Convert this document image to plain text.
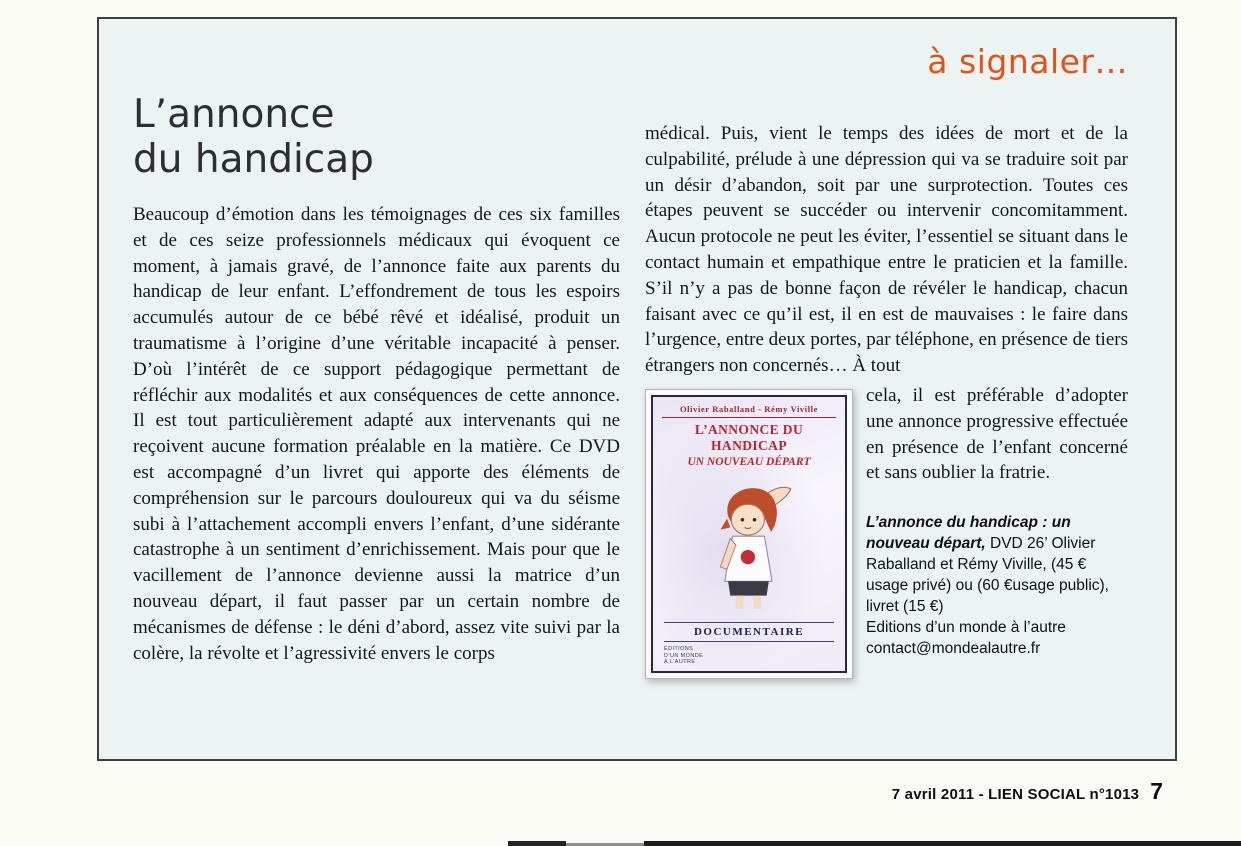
à signaler…
L’annonce
du handicap

Beaucoup d’émotion dans les témoignages de ces six familles et de ces seize professionnels médicaux qui évoquent ce moment, à jamais gravé, de l’annonce faite aux parents du handicap de leur enfant. L’effondrement de tous les espoirs accumulés autour de ce bébé rêvé et idéalisé, produit un traumatisme à l’origine d’une véritable incapacité à penser. D’où l’intérêt de ce support pédagogique permettant de réfléchir aux modalités et aux conséquences de cette annonce. Il est tout particulièrement adapté aux intervenants qui ne reçoivent aucune formation préalable en la matière. Ce DVD est accompagné d’un livret qui apporte des éléments de compréhension sur le parcours douloureux qui va du séisme subi à l’attachement accompli envers l’enfant, d’une sidérante catastrophe à un sentiment d’enrichissement. Mais pour que le vacillement de l’annonce devienne aussi la matrice d’un nouveau départ, il faut passer par un certain nombre de mécanismes de défense : le déni d’abord, assez vite suivi par la colère, la révolte et l’agressivité envers le corps

médical. Puis, vient le temps des idées de mort et de la culpabilité, prélude à une dépression qui va se traduire soit par un désir d’abandon, soit par une surprotection. Toutes ces étapes peuvent se succéder ou intervenir concomitamment. Aucun protocole ne peut les éviter, l’essentiel se situant dans le contact humain et empathique entre le praticien et la famille. S’il n’y a pas de bonne façon de révéler le handicap, chacun faisant avec ce qu’il est, il en est de mauvaises : le faire dans l’urgence, entre deux portes, par téléphone, en présence de tiers étrangers non concernés… À tout

Olivier Raballand - Rémy Viville
L’ANNONCE DU HANDICAP
UN NOUVEAU DÉPART
DOCUMENTAIRE
ÉDITIONS
D’UN MONDE
À L’AUTRE

cela, il est préférable d’adopter une annonce progressive effectuée en présence de l’enfant concerné et sans oublier la fratrie.

L’annonce du handicap : un nouveau départ, DVD 26’ Olivier Raballand et Rémy Viville, (45 € usage privé) ou (60 €usage public), livret (15 €)
Editions d’un monde à l’autre
contact@mondealautre.fr
7 avril 2011 - LIEN SOCIAL n°1013 7
